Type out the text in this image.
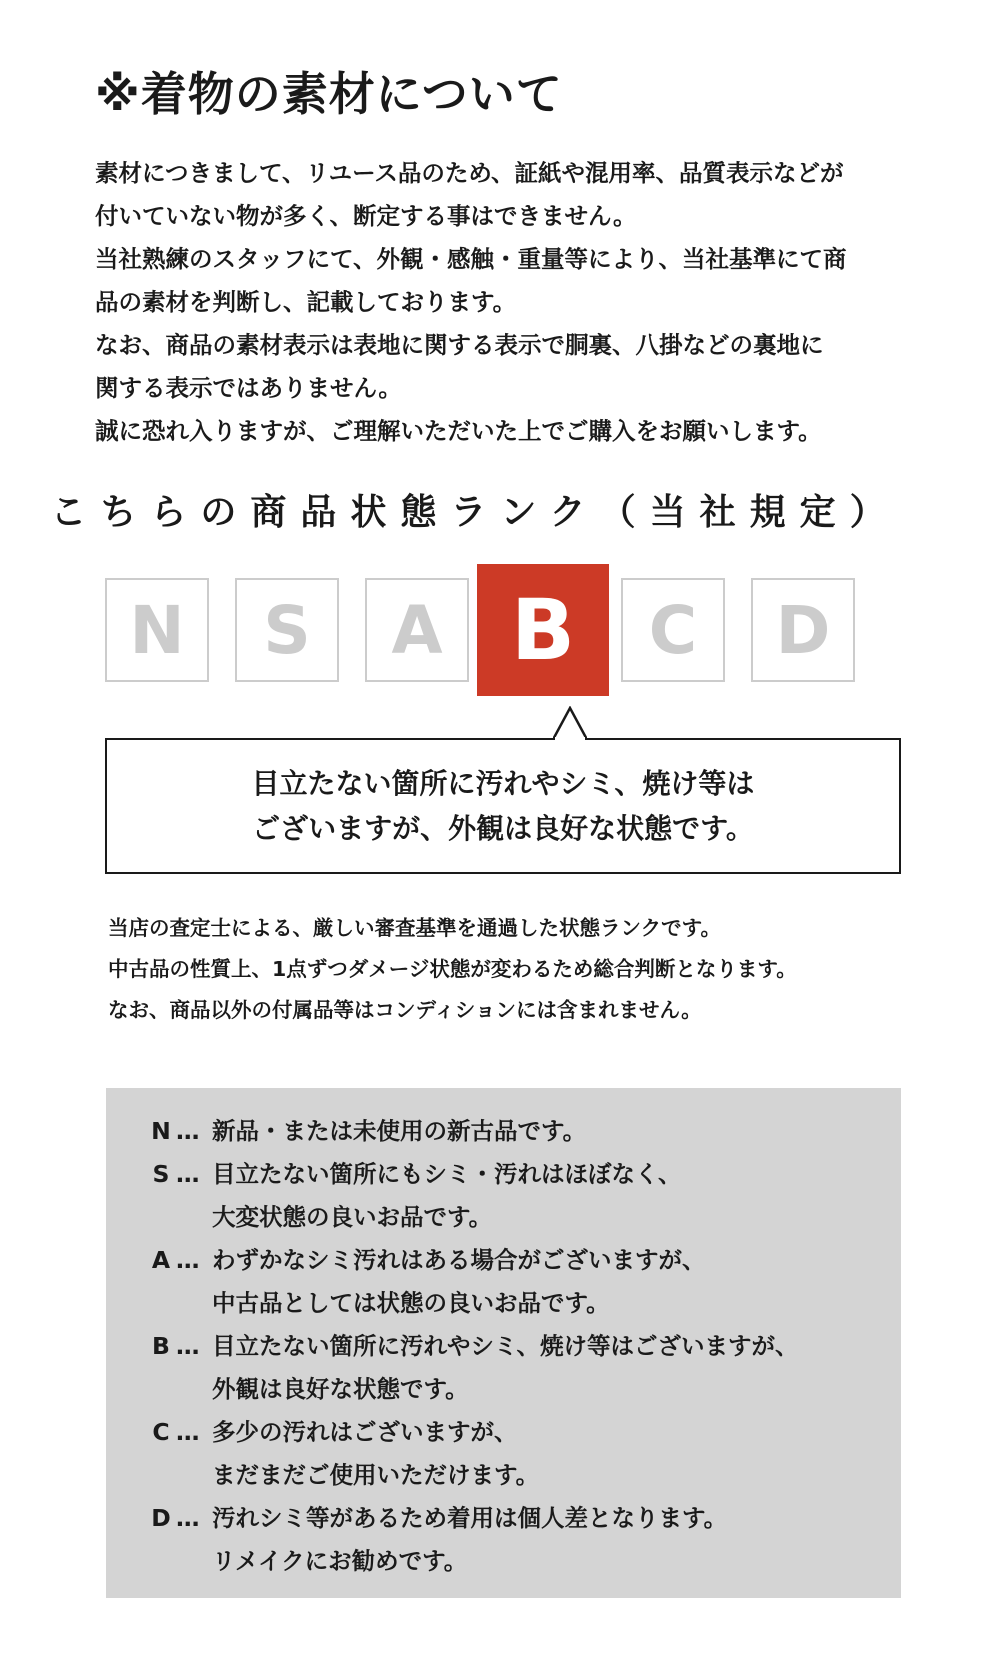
※着物の素材について
素材につきまして、リユース品のため、証紙や混用率、品質表示などが
付いていない物が多く、断定する事はできません。
当社熟練のスタッフにて、外観・感触・重量等により、当社基準にて商
品の素材を判断し、記載しております。
なお、商品の素材表示は表地に関する表示で胴裏、八掛などの裏地に
関する表示ではありません。
誠に恐れ入りますが、ご理解いただいた上でご購入をお願いします。
こちらの商品状態ランク（当社規定）
N	S	A B	C	D
目立たない箇所に汚れやシミ、焼け等は
ございますが、外観は良好な状態です。
当店の査定士による、厳しい審査基準を通過した状態ランクです。
中古品の性質上、1点ずつダメージ状態が変わるため総合判断となります。
なお、商品以外の付属品等はコンディションには含まれません。
N … 新品・または未使用の新古品です。
S … 目立たない箇所にもシミ・汚れはほぼなく、
大変状態の良いお品です。
A … わずかなシミ汚れはある場合がございますが、
中古品としては状態の良いお品です。
B … 目立たない箇所に汚れやシミ、焼け等はございますが、
外観は良好な状態です。
C … 多少の汚れはございますが、
まだまだご使用いただけます。
D … 汚れシミ等があるため着用は個人差となります。
リメイクにお勧めです。
